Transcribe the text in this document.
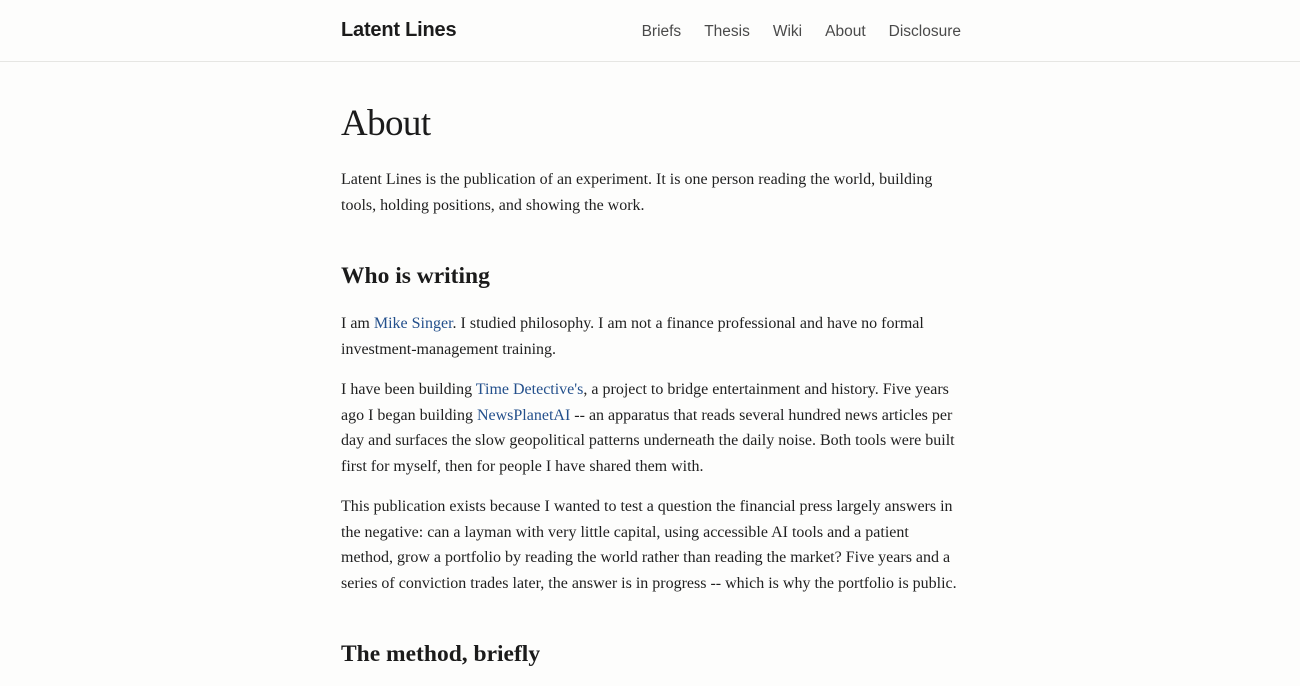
Latent Lines	Briefs Thesis Wiki About Disclosure
About

Latent Lines is the publication of an experiment. It is one person reading the world, building tools, holding positions, and showing the work.

Who is writing

I am Mike Singer. I studied philosophy. I am not a finance professional and have no formal investment-management training.

I have been building Time Detective's, a project to bridge entertainment and history. Five years ago I began building NewsPlanetAI -- an apparatus that reads several hundred news articles per day and surfaces the slow geopolitical patterns underneath the daily noise. Both tools were built first for myself, then for people I have shared them with.

This publication exists because I wanted to test a question the financial press largely answers in the negative: can a layman with very little capital, using accessible AI tools and a patient method, grow a portfolio by reading the world rather than reading the market? Five years and a series of conviction trades later, the answer is in progress -- which is why the portfolio is public.

The method, briefly
